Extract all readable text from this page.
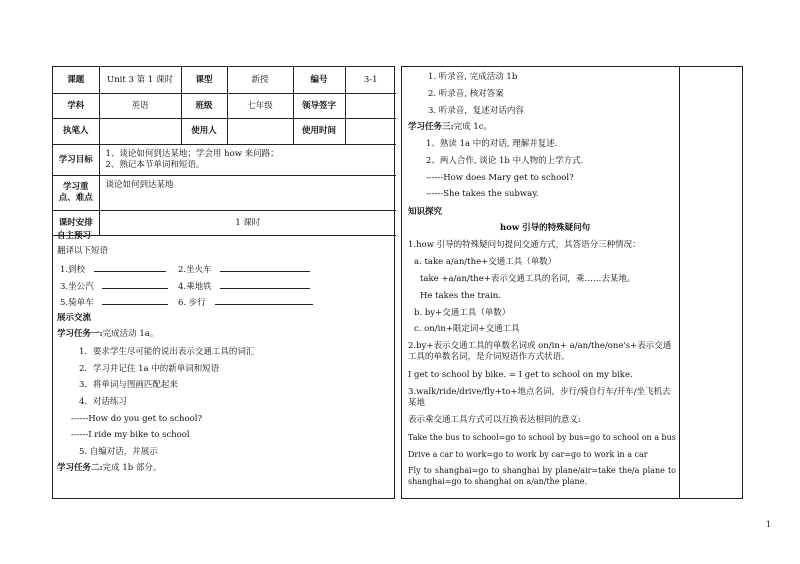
课题	Unit 3 第 1 课时	课型	新授	编号	3-1
学科	英语	班级	七年级	领导签字	
执笔人		使用人		使用时间	
学习目标	1、谈论如何到达某地；学会用 how 来问路；
2、熟记本节单词和短语。				

学习重点、难点	谈论如何到达某地				
课时安排	1 课时				
自主预习
翻译以下短语
1.到校	2.坐火车
3.坐公汽	4.乘地铁
5.骑单车	6. 步行
展示交流
学习任务一:完成活动 1a。
1．要求学生尽可能的说出表示交通工具的词汇
2．学习并记住 1a 中的新单词和短语
3．将单词与图画匹配起来
4．对话练习
------How do you get to school?
------I ride my bike to school
5. 自编对话，并展示
学习任务二:完成 1b 部分。
1. 听录音, 完成活动 1b
2. 听录音, 核对答案
3. 听录音，复述对话内容
学习任务三:完成 1c。
1、熟读 1a 中的对话, 理解并复述.
2、两人合作, 谈论 1b 中人物的上学方式.
------How does Mary get to school?
------She takes the subway.
知识探究
how 引导的特殊疑问句
1.how 引导的特殊疑问句提问交通方式，其答语分三种情况：
a. take a/an/the+交通工具（单数）
take +a/an/the+表示交通工具的名词，乘……去某地。
He takes the train.
b. by+交通工具（单数）
c. on/in+限定词+交通工具
2.by+表示交通工具的单数名词或 on/in+ a/an/the/one's+表示交通工具的单数名词，是介词短语作方式状语。
I get to school by bike. = I get to school on my bike.
3.walk/ride/drive/fly+to+地点名词，步行/骑自行车/开车/坐飞机去某地
表示乘交通工具方式可以互换表达相同的意义:
Take the bus to school=go to school by bus=go to school on a bus
Drive a car to work=go to work by car=go to work in a car
Fly to shanghai=go to shanghai by plane/air=take the/a plane to shanghai=go to shanghai on a/an/the plane.
1
